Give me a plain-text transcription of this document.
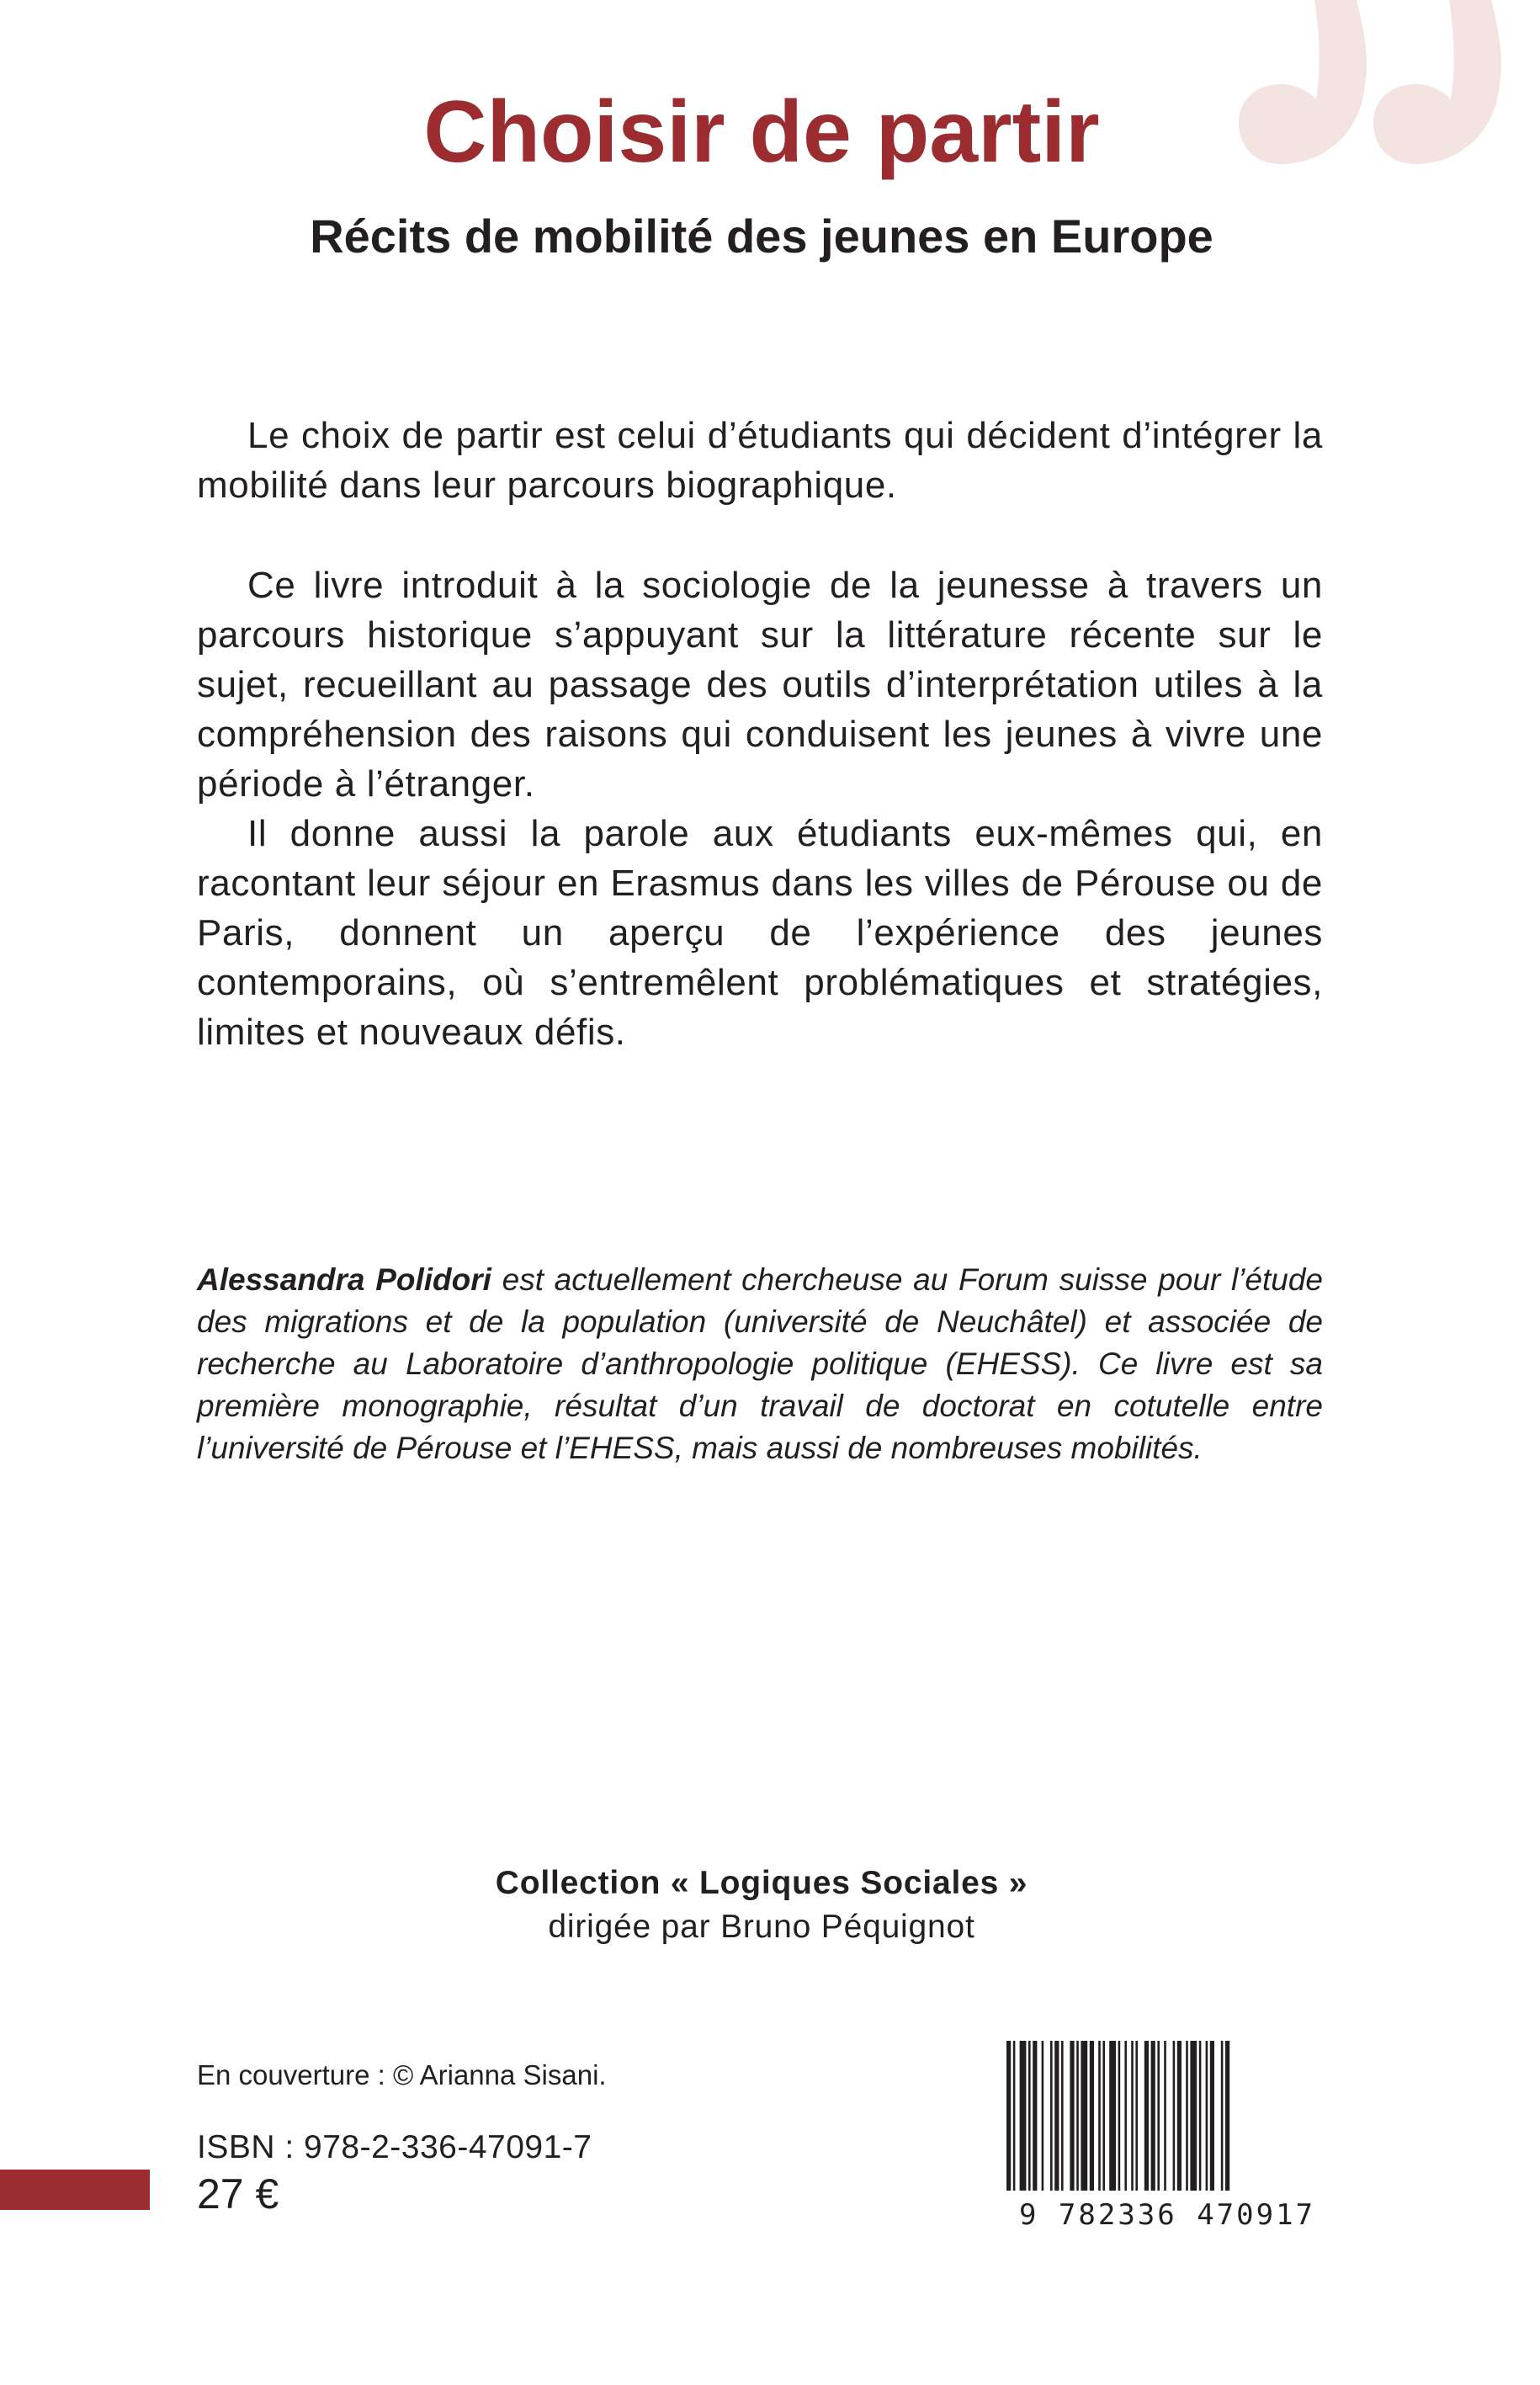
Choisir de partir
Récits de mobilité des jeunes en Europe

Le choix de partir est celui d’étudiants qui décident d’intégrer la mobilité dans leur parcours biographique.

Ce livre introduit à la sociologie de la jeunesse à travers un parcours historique s’appuyant sur la littérature récente sur le sujet, recueillant au passage des outils d’interprétation utiles à la compréhension des raisons qui conduisent les jeunes à vivre une période à l’étranger.

Il donne aussi la parole aux étudiants eux-mêmes qui, en racontant leur séjour en Erasmus dans les villes de Pérouse ou de Paris, donnent un aperçu de l’expérience des jeunes contemporains, où s’entremêlent problématiques et stratégies, limites et nouveaux défis.

Alessandra Polidori est actuellement chercheuse au Forum suisse pour l’étude des migrations et de la population (université de Neuchâtel) et associée de recherche au Laboratoire d’anthropologie politique (EHESS). Ce livre est sa première monographie, résultat d’un travail de doctorat en cotutelle entre l’université de Pérouse et l’EHESS, mais aussi de nombreuses mobilités.

Collection « Logiques Sociales »
dirigée par Bruno Péquignot
En couverture : © Arianna Sisani.
ISBN : 978-2-336-47091-7
27 €	9 782336 470917
